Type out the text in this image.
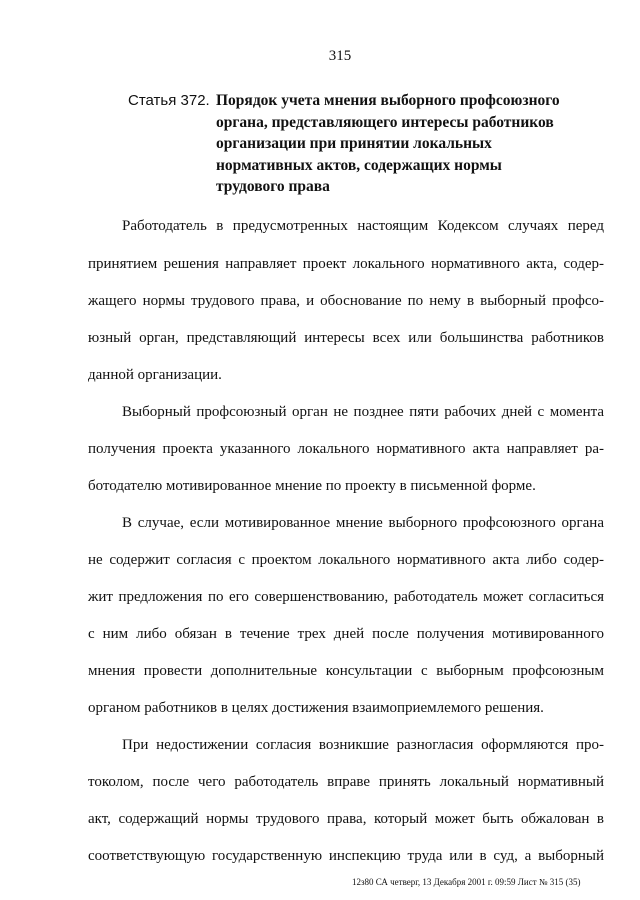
315
Статья 372. Порядок учета мнения выборного профсоюзного
органа, представляющего интересы работников
организации при принятии локальных
нормативных актов, содержащих нормы
трудового права
Работодатель в предусмотренных настоящим Кодексом случаях перед
принятием решения направляет проект локального нормативного акта, содер-
жащего нормы трудового права, и обоснование по нему в выборный профсо-
юзный орган, представляющий интересы всех или большинства работников
данной организации.
Выборный профсоюзный орган не позднее пяти рабочих дней с момента
получения проекта указанного локального нормативного акта направляет ра-
ботодателю мотивированное мнение по проекту в письменной форме.
В случае, если мотивированное мнение выборного профсоюзного органа
не содержит согласия с проектом локального нормативного акта либо содер-
жит предложения по его совершенствованию, работодатель может согласиться
с ним либо обязан в течение трех дней после получения мотивированного
мнения провести дополнительные консультации с выборным профсоюзным
органом работников в целях достижения взаимоприемлемого решения.
При недостижении согласия возникшие разногласия оформляются про-
токолом, после чего работодатель вправе принять локальный нормативный
акт, содержащий нормы трудового права, который может быть обжалован в
соответствующую государственную инспекцию труда или в суд, а выборный
12з80 СА четверг, 13 Декабря 2001 г. 09:59 Лист № 315 (35)
